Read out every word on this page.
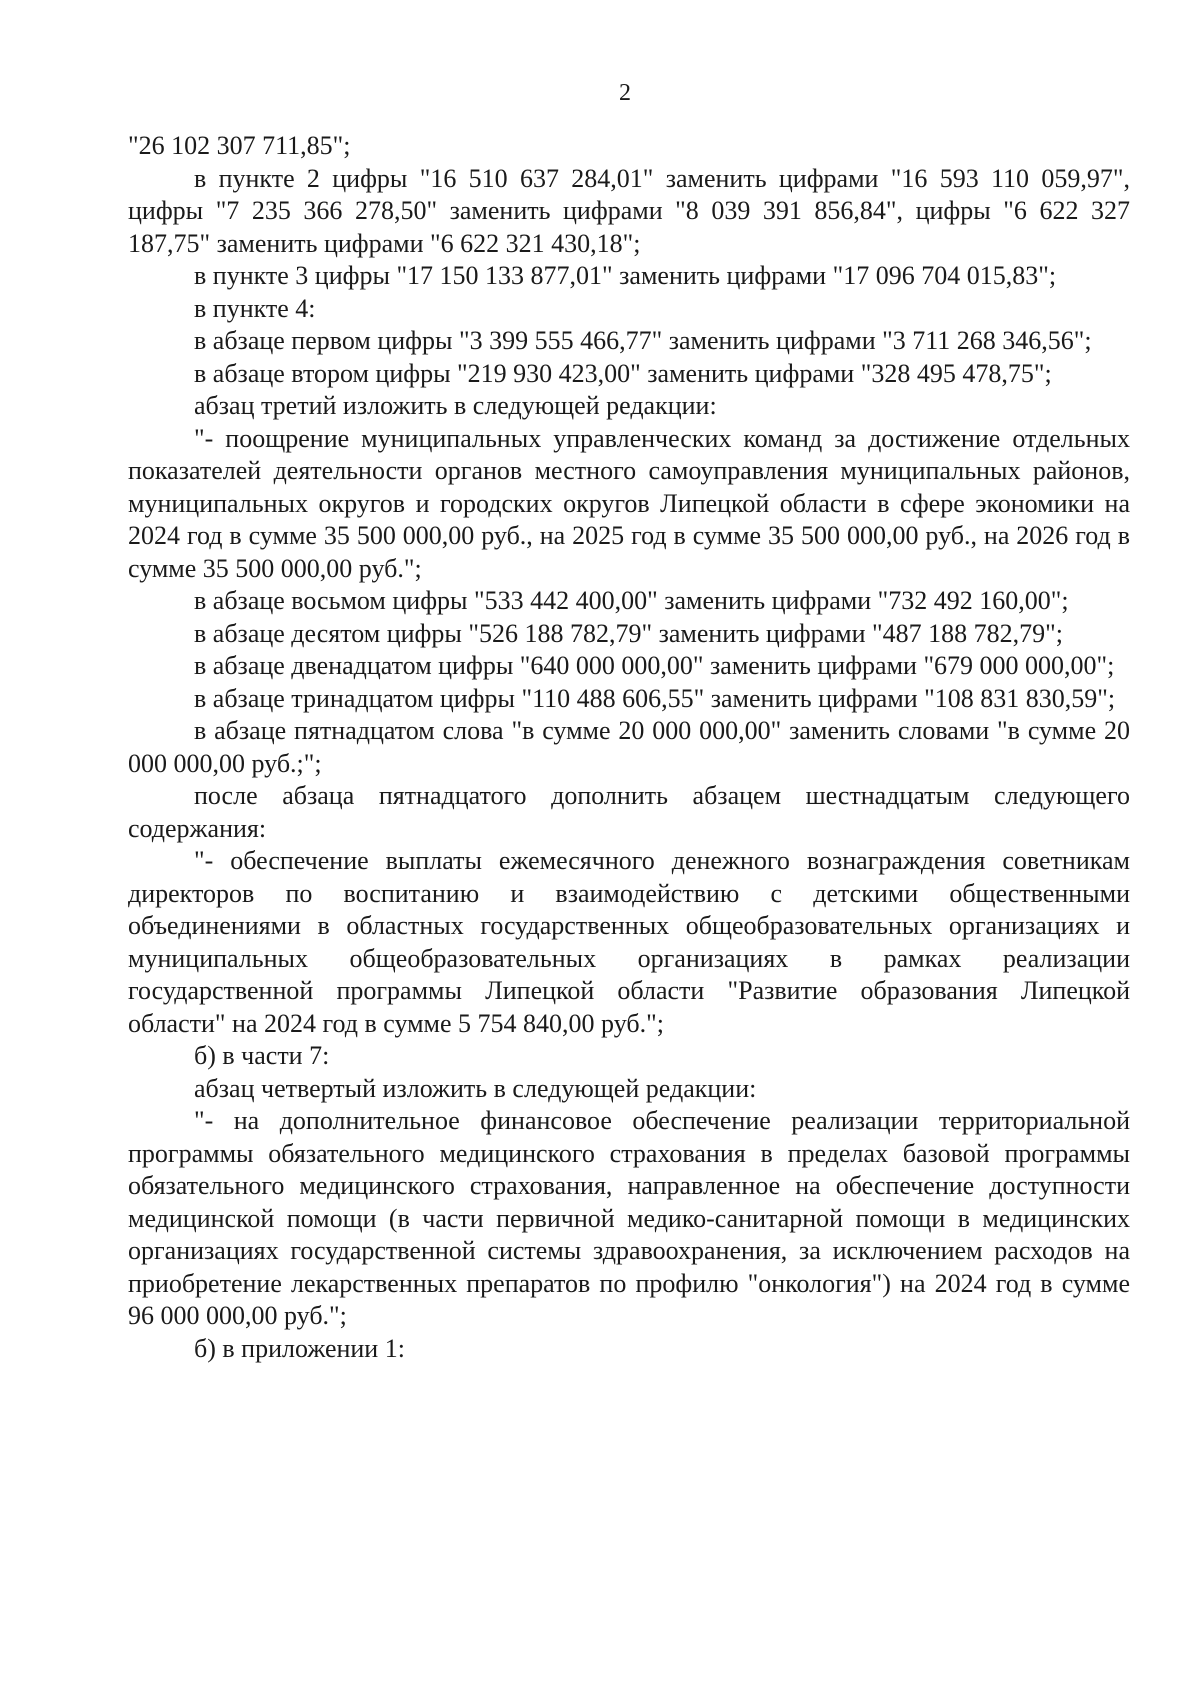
2

"26 102 307 711,85";

в пункте 2 цифры "16 510 637 284,01" заменить цифрами "16 593 110 059,97", цифры "7 235 366 278,50" заменить цифрами "8 039 391 856,84", цифры "6 622 327 187,75" заменить цифрами "6 622 321 430,18";

в пункте 3 цифры "17 150 133 877,01" заменить цифрами "17 096 704 015,83";

в пункте 4:

в абзаце первом цифры "3 399 555 466,77" заменить цифрами "3 711 268 346,56";

в абзаце втором цифры "219 930 423,00" заменить цифрами "328 495 478,75";

абзац третий изложить в следующей редакции:

"- поощрение муниципальных управленческих команд за достижение отдельных показателей деятельности органов местного самоуправления муниципальных районов, муниципальных округов и городских округов Липецкой области в сфере экономики на 2024 год в сумме 35 500 000,00 руб., на 2025 год в сумме 35 500 000,00 руб., на 2026 год в сумме 35 500 000,00 руб.";

в абзаце восьмом цифры "533 442 400,00" заменить цифрами "732 492 160,00";

в абзаце десятом цифры "526 188 782,79" заменить цифрами "487 188 782,79";

в абзаце двенадцатом цифры "640 000 000,00" заменить цифрами "679 000 000,00";

в абзаце тринадцатом цифры "110 488 606,55" заменить цифрами "108 831 830,59";

в абзаце пятнадцатом слова "в сумме 20 000 000,00" заменить словами "в сумме 20 000 000,00 руб.;";

после абзаца пятнадцатого дополнить абзацем шестнадцатым следующего содержания:

"- обеспечение выплаты ежемесячного денежного вознаграждения советникам директоров по воспитанию и взаимодействию с детскими общественными объединениями в областных государственных общеобразовательных организациях и муниципальных общеобразовательных организациях в рамках реализации государственной программы Липецкой области "Развитие образования Липецкой области" на 2024 год в сумме 5 754 840,00 руб.";

б) в части 7:

абзац четвертый изложить в следующей редакции:

"- на дополнительное финансовое обеспечение реализации территориальной программы обязательного медицинского страхования в пределах базовой программы обязательного медицинского страхования, направленное на обеспечение доступности медицинской помощи (в части первичной медико-санитарной помощи в медицинских организациях государственной системы здравоохранения, за исключением расходов на приобретение лекарственных препаратов по профилю "онкология") на 2024 год в сумме 96 000 000,00 руб.";

б) в приложении 1:
